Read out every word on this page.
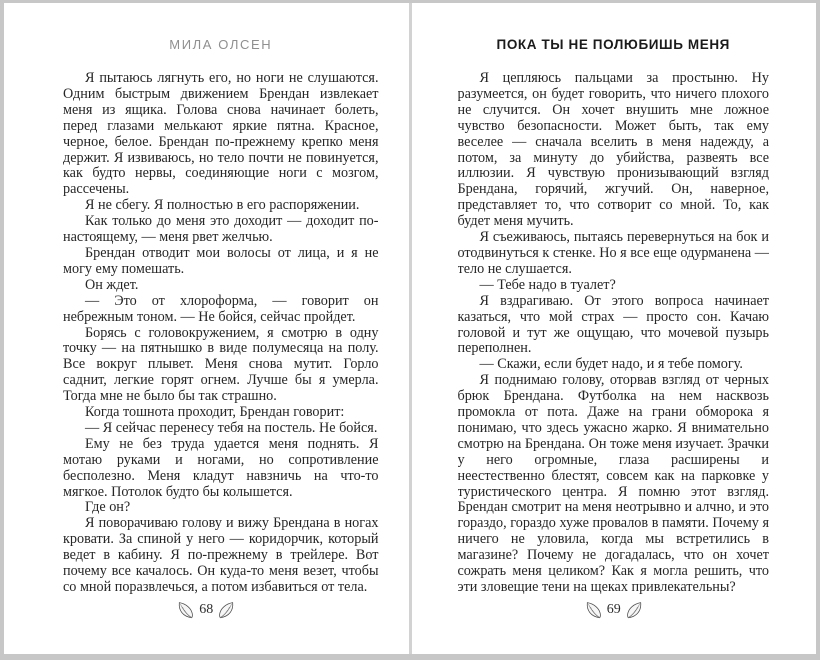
МИЛА ОЛСЕН

Я пытаюсь лягнуть его, но ноги не слушаются. Одним быстрым движением Брендан извлекает меня из ящика. Голова снова начинает болеть, перед глазами мелькают яркие пятна. Красное, черное, белое. Брендан по-прежнему крепко меня держит. Я извиваюсь, но тело почти не повинуется, как будто нервы, соединяющие ноги с мозгом, рассечены.

Я не сбегу. Я полностью в его распоряжении.

Как только до меня это доходит — доходит по-настоящему, — меня рвет желчью.

Брендан отводит мои волосы от лица, и я не могу ему помешать.

Он ждет.

— Это от хлороформа, — говорит он небрежным тоном. — Не бойся, сейчас пройдет.

Борясь с головокружением, я смотрю в одну точку — на пятнышко в виде полумесяца на полу. Все вокруг плывет. Меня снова мутит. Горло саднит, легкие горят огнем. Лучше бы я умерла. Тогда мне не было бы так страшно.

Когда тошнота проходит, Брендан говорит:

— Я сейчас перенесу тебя на постель. Не бойся.

Ему не без труда удается меня поднять. Я мотаю руками и ногами, но сопротивление бесполезно. Меня кладут навзничь на что-то мягкое. Потолок будто бы колышется.

Где он?

Я поворачиваю голову и вижу Брендана в ногах кровати. За спиной у него — коридорчик, который ведет в кабину. Я по-прежнему в трейлере. Вот почему все качалось. Он куда-то меня везет, чтобы со мной поразвлечься, а потом избавиться от тела.

68
ПОКА ТЫ НЕ ПОЛЮБИШЬ МЕНЯ

Я цепляюсь пальцами за простыню. Ну разумеется, он будет говорить, что ничего плохого не случится. Он хочет внушить мне ложное чувство безопасности. Может быть, так ему веселее — сначала вселить в меня надежду, а потом, за минуту до убийства, развеять все иллюзии. Я чувствую пронизывающий взгляд Брендана, горячий, жгучий. Он, наверное, представляет то, что сотворит со мной. То, как будет меня мучить.

Я съеживаюсь, пытаясь перевернуться на бок и отодвинуться к стенке. Но я все еще одурманена — тело не слушается.

— Тебе надо в туалет?

Я вздрагиваю. От этого вопроса начинает казаться, что мой страх — просто сон. Качаю головой и тут же ощущаю, что мочевой пузырь переполнен.

— Скажи, если будет надо, и я тебе помогу.

Я поднимаю голову, оторвав взгляд от черных брюк Брендана. Футболка на нем насквозь промокла от пота. Даже на грани обморока я понимаю, что здесь ужасно жарко. Я внимательно смотрю на Брендана. Он тоже меня изучает. Зрачки у него огромные, глаза расширены и неестественно блестят, совсем как на парковке у туристического центра. Я помню этот взгляд. Брендан смотрит на меня неотрывно и алчно, и это гораздо, гораздо хуже провалов в памяти. Почему я ничего не уловила, когда мы встретились в магазине? Почему не догадалась, что он хочет сожрать меня целиком? Как я могла решить, что эти зловещие тени на щеках привлекательны?

69
